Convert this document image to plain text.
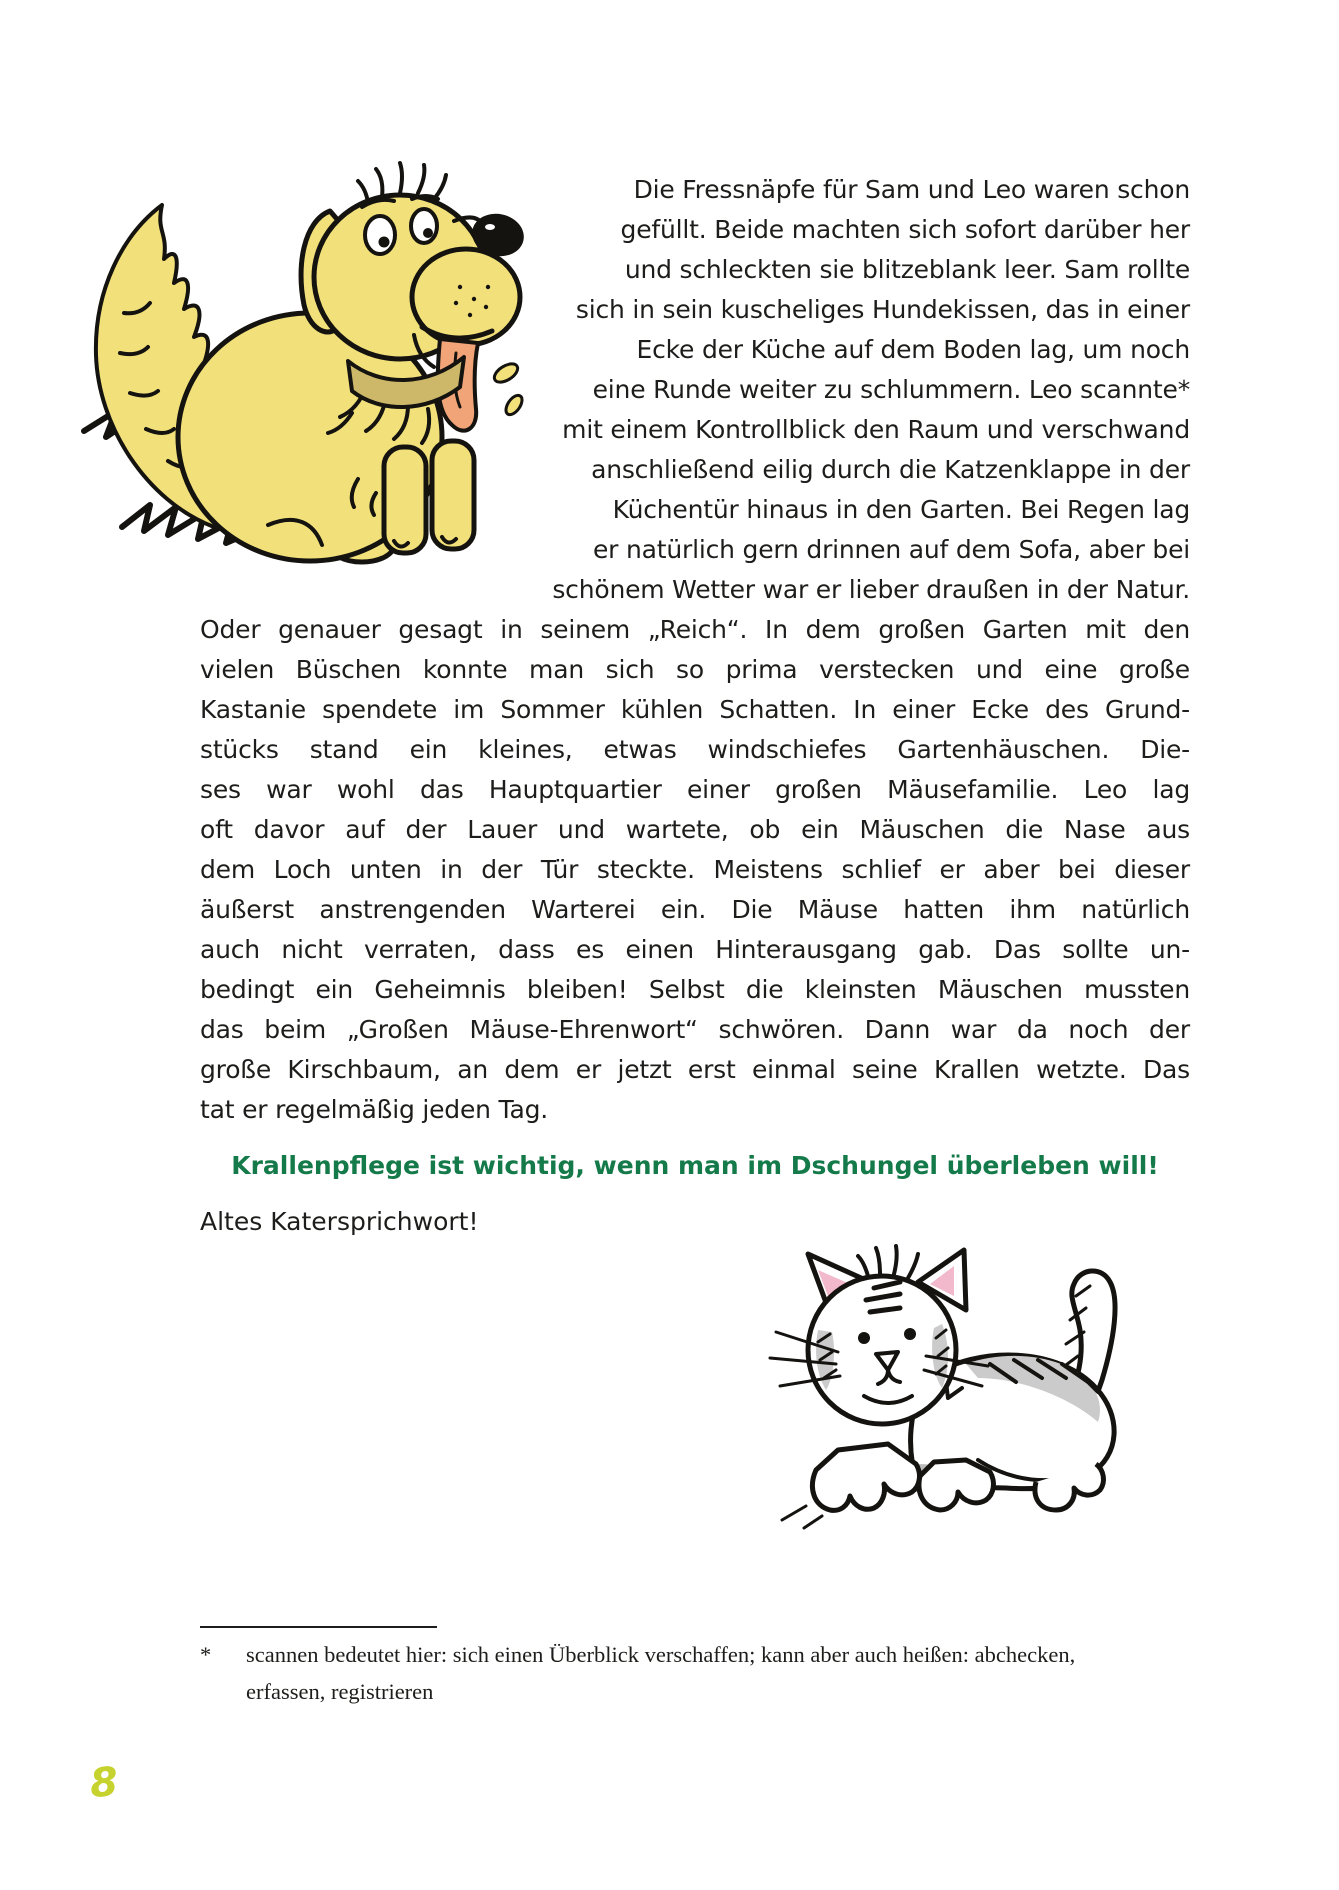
Die Fressnäpfe für Sam und Leo waren schon
gefüllt. Beide machten sich sofort darüber her
und schleckten sie blitzeblank leer. Sam rollte
sich in sein kuscheliges Hundekissen, das in einer
Ecke der Küche auf dem Boden lag, um noch
eine Runde weiter zu schlummern. Leo scannte*
mit einem Kontrollblick den Raum und verschwand
anschließend eilig durch die Katzenklappe in der
Küchentür hinaus in den Garten. Bei Regen lag
er natürlich gern drinnen auf dem Sofa, aber bei
schönem Wetter war er lieber draußen in der Natur.
Oder genauer gesagt in seinem „Reich“. In dem großen Garten mit den
vielen Büschen konnte man sich so prima verstecken und eine große
Kastanie spendete im Sommer kühlen Schatten. In einer Ecke des Grund-
stücks stand ein kleines, etwas windschiefes Gartenhäuschen. Die-
ses war wohl das Hauptquartier einer großen Mäusefamilie. Leo lag
oft davor auf der Lauer und wartete, ob ein Mäuschen die Nase aus
dem Loch unten in der Tür steckte. Meistens schlief er aber bei dieser
äußerst anstrengenden Warterei ein. Die Mäuse hatten ihm natürlich
auch nicht verraten, dass es einen Hinterausgang gab. Das sollte un-
bedingt ein Geheimnis bleiben! Selbst die kleinsten Mäuschen mussten
das beim „Großen Mäuse-Ehrenwort“ schwören. Dann war da noch der
große Kirschbaum, an dem er jetzt erst einmal seine Krallen wetzte. Das
tat er regelmäßig jeden Tag.
Krallenpflege ist wichtig, wenn man im Dschungel überleben will!
Altes Katersprichwort!
* scannen bedeutet hier: sich einen Überblick verschaffen; kann aber auch heißen: abchecken,
erfassen, registrieren
8
